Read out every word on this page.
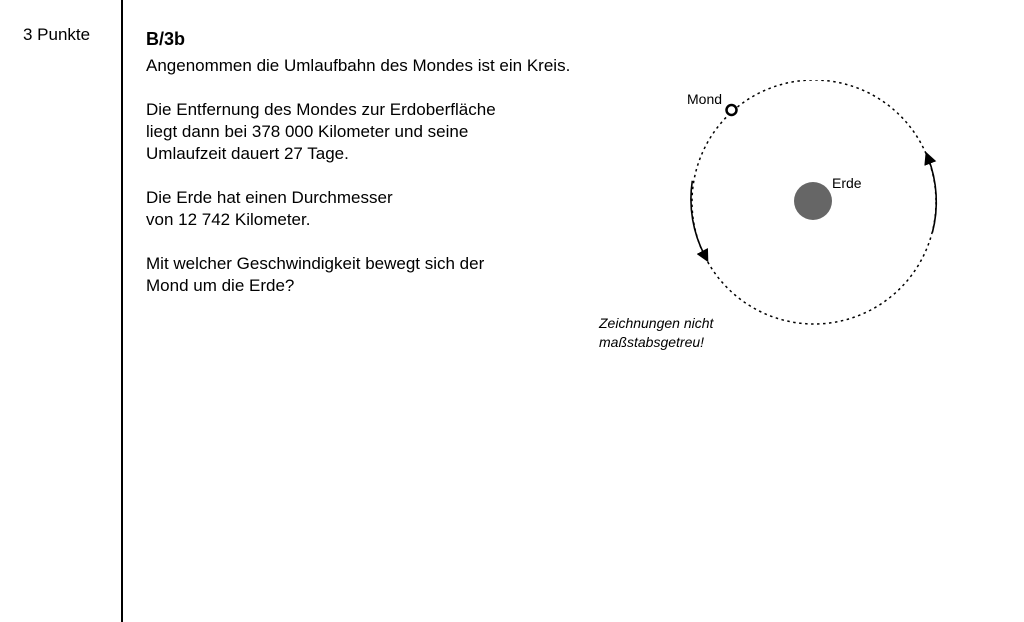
3 Punkte	B/3b

Angenommen die Umlaufbahn des Mondes ist ein Kreis.

Die Entfernung des Mondes zur Erdoberfläche

liegt dann bei 378 000 Kilometer und seine

Umlaufzeit dauert 27 Tage.

Die Erde hat einen Durchmesser

von 12 742 Kilometer.

Mit welcher Geschwindigkeit bewegt sich der

Mond um die Erde?

Erde
Mond
Zeichnungen nicht
maßstabsgetreu!
